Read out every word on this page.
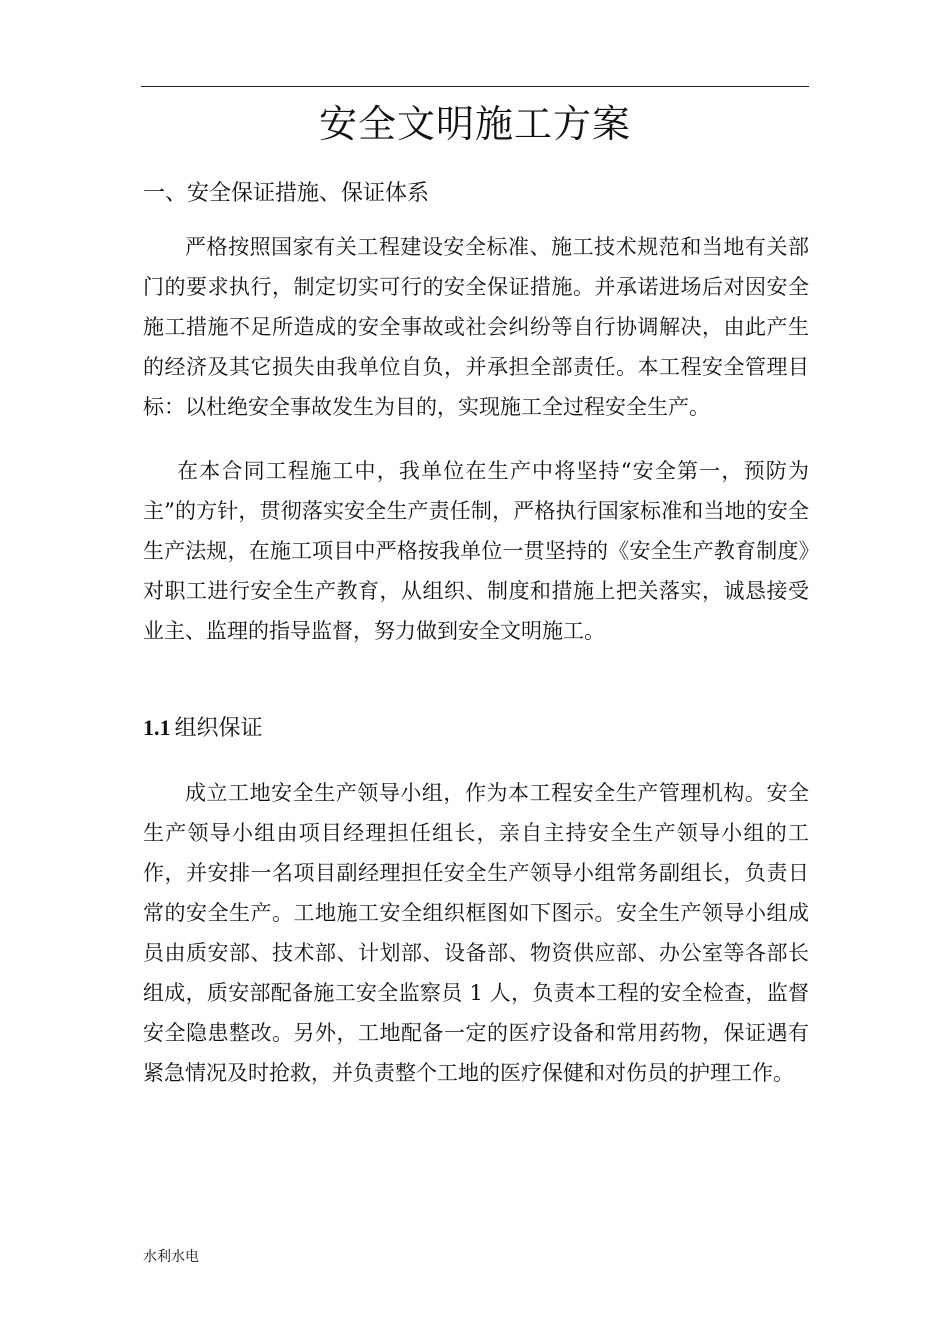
安全文明施工方案
一、安全保证措施、保证体系

严格按照国家有关工程建设安全标准、施工技术规范和当地有关部门的要求执行，制定切实可行的安全保证措施。并承诺进场后对因安全施工措施不足所造成的安全事故或社会纠纷等自行协调解决，由此产生的经济及其它损失由我单位自负，并承担全部责任。本工程安全管理目标：以杜绝安全事故发生为目的，实现施工全过程安全生产。

在本合同工程施工中，我单位在生产中将坚持“安全第一，预防为主”的方针，贯彻落实安全生产责任制，严格执行国家标准和当地的安全生产法规，在施工项目中严格按我单位一贯坚持的《安全生产教育制度》对职工进行安全生产教育，从组织、制度和措施上把关落实，诚恳接受业主、监理的指导监督，努力做到安全文明施工。

1.1 组织保证

成立工地安全生产领导小组，作为本工程安全生产管理机构。安全生产领导小组由项目经理担任组长，亲自主持安全生产领导小组的工作，并安排一名项目副经理担任安全生产领导小组常务副组长，负责日常的安全生产。工地施工安全组织框图如下图示。安全生产领导小组成员由质安部、技术部、计划部、设备部、物资供应部、办公室等各部长组成，质安部配备施工安全监察员 1 人，负责本工程的安全检查，监督安全隐患整改。另外，工地配备一定的医疗设备和常用药物，保证遇有紧急情况及时抢救，并负责整个工地的医疗保健和对伤员的护理工作。

水利水电
